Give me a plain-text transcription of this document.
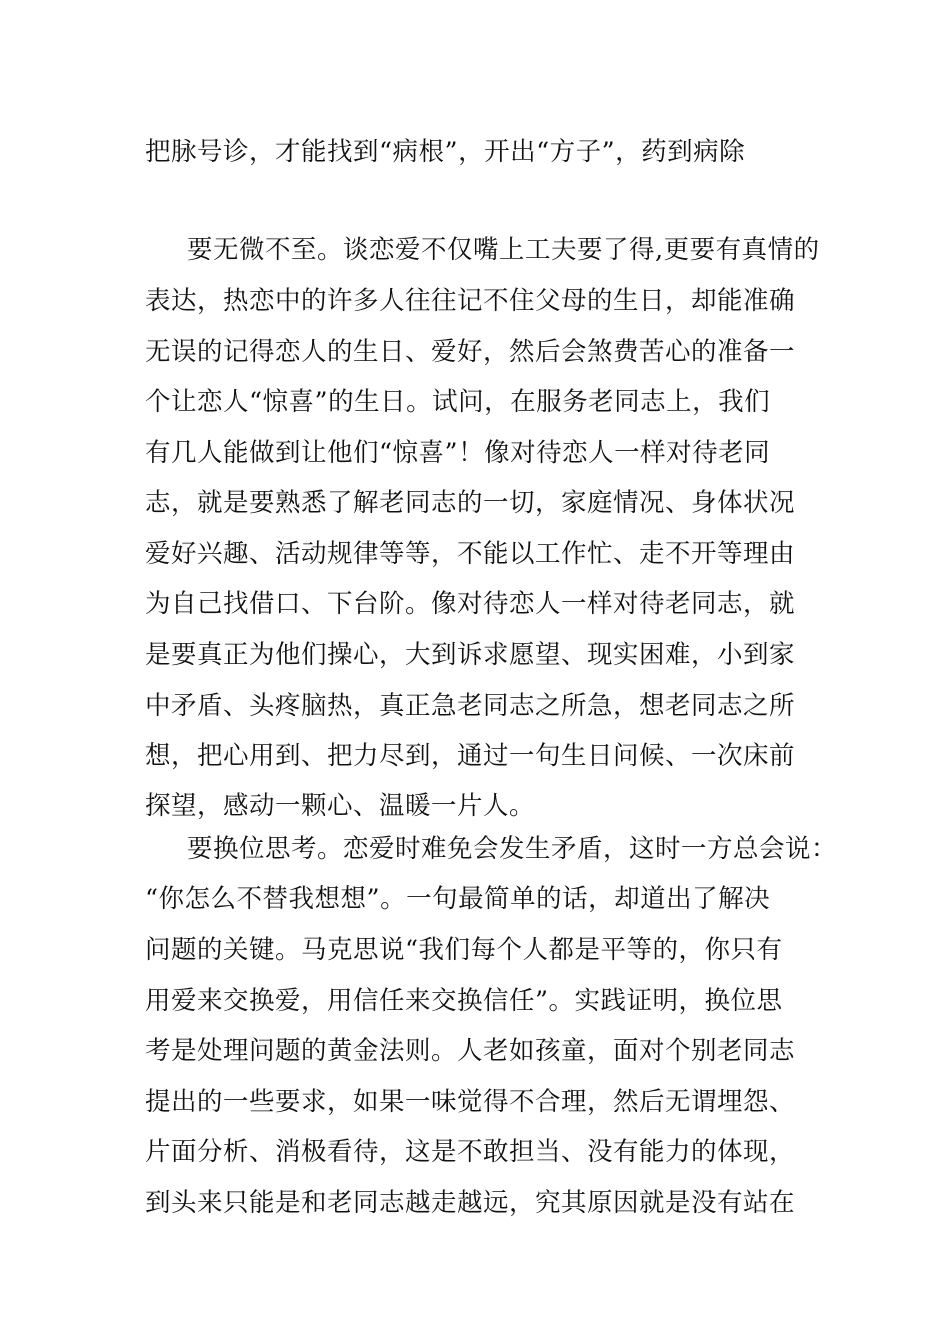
把脉号诊，才能找到“病根”，开出“方子”，药到病除
要无微不至。谈恋爱不仅嘴上工夫要了得,更要有真情的
表达，热恋中的许多人往往记不住父母的生日，却能准确
无误的记得恋人的生日、爱好，然后会煞费苦心的准备一
个让恋人“惊喜”的生日。试问，在服务老同志上，我们
有几人能做到让他们“惊喜”！像对待恋人一样对待老同
志，就是要熟悉了解老同志的一切，家庭情况、身体状况
爱好兴趣、活动规律等等，不能以工作忙、走不开等理由
为自己找借口、下台阶。像对待恋人一样对待老同志，就
是要真正为他们操心，大到诉求愿望、现实困难，小到家
中矛盾、头疼脑热，真正急老同志之所急，想老同志之所
想，把心用到、把力尽到，通过一句生日问候、一次床前
探望，感动一颗心、温暖一片人。
要换位思考。恋爱时难免会发生矛盾，这时一方总会说：
“你怎么不替我想想”。一句最简单的话，却道出了解决
问题的关键。马克思说“我们每个人都是平等的，你只有
用爱来交换爱，用信任来交换信任”。实践证明，换位思
考是处理问题的黄金法则。人老如孩童，面对个别老同志
提出的一些要求，如果一味觉得不合理，然后无谓埋怨、
片面分析、消极看待，这是不敢担当、没有能力的体现，
到头来只能是和老同志越走越远，究其原因就是没有站在
